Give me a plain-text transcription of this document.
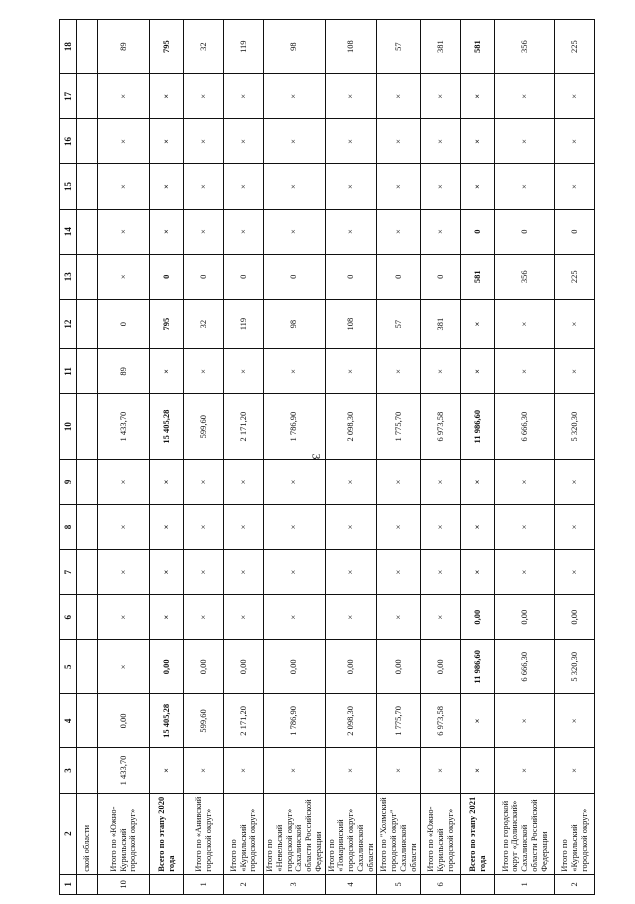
3
1	2	3	4	5	6	7	8	9	10	11	12	13	14	15	16	17	18
	ской области																
10	Итого по «Южно-Курильский городской округ»	1 433,70	0,00	×	×	×	×	×	1 433,70	89	0	×	×	×	×	×	89
	Всего по этапу 2020 года	×	15 405,28	0,00	×	×	×	×	15 405,28	×	795	0	×	×	×	×	795
1	Итого по «Анивский городской округ»	×	599,60	0,00	×	×	×	×	599,60	×	32	0	×	×	×	×	32
2	Итого по «Курильский городской округ»	×	2 171,20	0,00	×	×	×	×	2 171,20	×	119	0	×	×	×	×	119
3	Итого по «Невельский городской округ» Сахалинской области Российской Федерации	×	1 786,90	0,00	×	×	×	×	1 786,90	×	98	0	×	×	×	×	98
4	Итого по «Томаринский городской округ» Сахалинской области	×	2 098,30	0,00	×	×	×	×	2 098,30	×	108	0	×	×	×	×	108
5	Итого по "Холмский городской округ" Сахалинской области	×	1 775,70	0,00	×	×	×	×	1 775,70	×	57	0	×	×	×	×	57
6	Итого по «Южно-Курильский городской округ»	×	6 973,58	0,00	×	×	×	×	6 973,58	×	381	0	×	×	×	×	381
	Всего по этапу 2021 года	×	×	11 986,60	0,00	×	×	×	11 986,60	×	×	581	0	×	×	×	581
1	Итого по городской округ «Долинский» Сахалинской области Российской Федерации	×	×	6 666,30	0,00	×	×	×	6 666,30	×	×	356	0	×	×	×	356
2	Итого по «Курильский городской округ»	×	×	5 320,30	0,00	×	×	×	5 320,30	×	×	225	0	×	×	×	225
